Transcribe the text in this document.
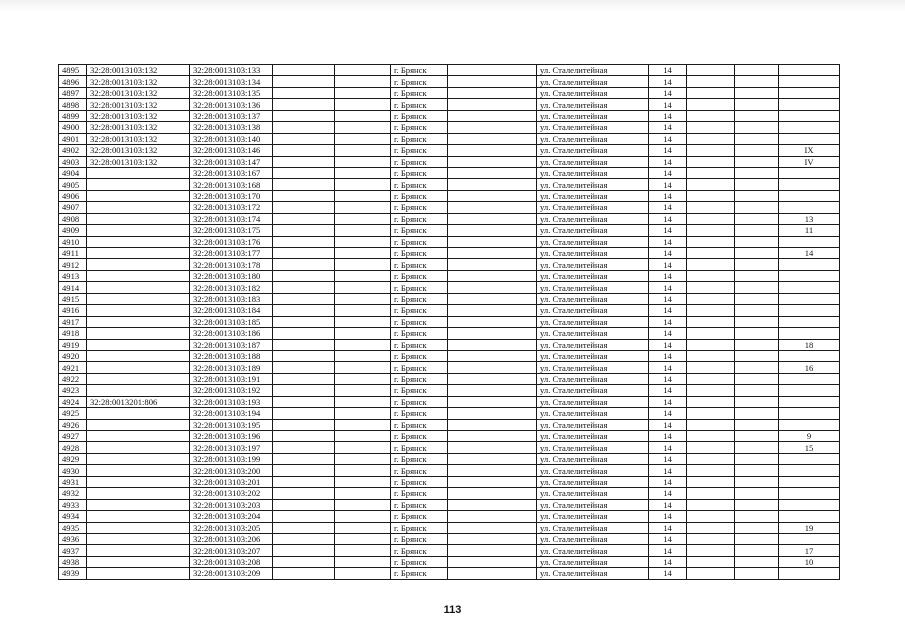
4895	32:28:0013103:132	32:28:0013103:133			г. Брянск		ул. Сталелитейная	14			
4896	32:28:0013103:132	32:28:0013103:134			г. Брянск		ул. Сталелитейная	14			
4897	32:28:0013103:132	32:28:0013103:135			г. Брянск		ул. Сталелитейная	14			
4898	32:28:0013103:132	32:28:0013103:136			г. Брянск		ул. Сталелитейная	14			
4899	32:28:0013103:132	32:28:0013103:137			г. Брянск		ул. Сталелитейная	14			
4900	32:28:0013103:132	32:28:0013103:138			г. Брянск		ул. Сталелитейная	14			
4901	32:28:0013103:132	32:28:0013103:140			г. Брянск		ул. Сталелитейная	14			
4902	32:28:0013103:132	32:28:0013103:146			г. Брянск		ул. Сталелитейная	14			IX
4903	32:28:0013103:132	32:28:0013103:147			г. Брянск		ул. Сталелитейная	14			IV
4904		32:28:0013103:167			г. Брянск		ул. Сталелитейная	14			
4905		32:28:0013103:168			г. Брянск		ул. Сталелитейная	14			
4906		32:28:0013103:170			г. Брянск		ул. Сталелитейная	14			
4907		32:28:0013103:172			г. Брянск		ул. Сталелитейная	14			
4908		32:28:0013103:174			г. Брянск		ул. Сталелитейная	14			13
4909		32:28:0013103:175			г. Брянск		ул. Сталелитейная	14			11
4910		32:28:0013103:176			г. Брянск		ул. Сталелитейная	14			
4911		32:28:0013103:177			г. Брянск		ул. Сталелитейная	14			14
4912		32:28:0013103:178			г. Брянск		ул. Сталелитейная	14			
4913		32:28:0013103:180			г. Брянск		ул. Сталелитейная	14			
4914		32:28:0013103:182			г. Брянск		ул. Сталелитейная	14			
4915		32:28:0013103:183			г. Брянск		ул. Сталелитейная	14			
4916		32:28:0013103:184			г. Брянск		ул. Сталелитейная	14			
4917		32:28:0013103:185			г. Брянск		ул. Сталелитейная	14			
4918		32:28:0013103:186			г. Брянск		ул. Сталелитейная	14			
4919		32:28:0013103:187			г. Брянск		ул. Сталелитейная	14			18
4920		32:28:0013103:188			г. Брянск		ул. Сталелитейная	14			
4921		32:28:0013103:189			г. Брянск		ул. Сталелитейная	14			16
4922		32:28:0013103:191			г. Брянск		ул. Сталелитейная	14			
4923		32:28:0013103:192			г. Брянск		ул. Сталелитейная	14			
4924	32:28:0013201:806	32:28:0013103:193			г. Брянск		ул. Сталелитейная	14			
4925		32:28:0013103:194			г. Брянск		ул. Сталелитейная	14			
4926		32:28:0013103:195			г. Брянск		ул. Сталелитейная	14			
4927		32:28:0013103:196			г. Брянск		ул. Сталелитейная	14			9
4928		32:28:0013103:197			г. Брянск		ул. Сталелитейная	14			15
4929		32:28:0013103:199			г. Брянск		ул. Сталелитейная	14			
4930		32:28:0013103:200			г. Брянск		ул. Сталелитейная	14			
4931		32:28:0013103:201			г. Брянск		ул. Сталелитейная	14			
4932		32:28:0013103:202			г. Брянск		ул. Сталелитейная	14			
4933		32:28:0013103:203			г. Брянск		ул. Сталелитейная	14			
4934		32:28:0013103:204			г. Брянск		ул. Сталелитейная	14			
4935		32:28:0013103:205			г. Брянск		ул. Сталелитейная	14			19
4936		32:28:0013103:206			г. Брянск		ул. Сталелитейная	14			
4937		32:28:0013103:207			г. Брянск		ул. Сталелитейная	14			17
4938		32:28:0013103:208			г. Брянск		ул. Сталелитейная	14			10
4939		32:28:0013103:209			г. Брянск		ул. Сталелитейная	14			
113
